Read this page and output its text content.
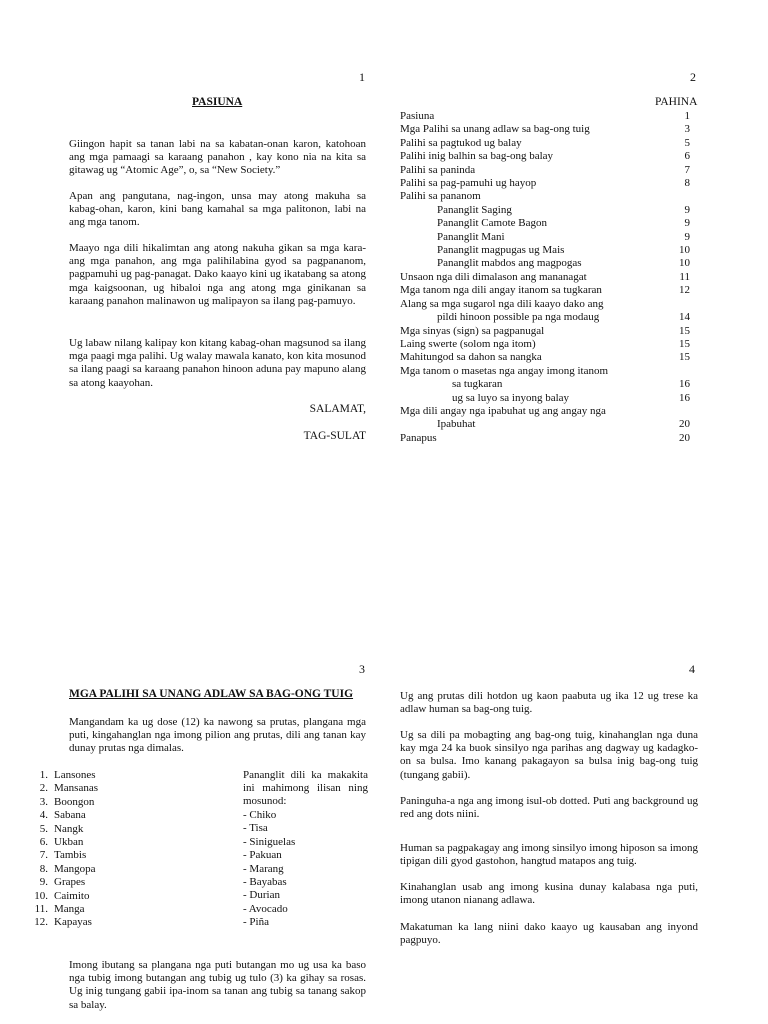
1
PASIUNA

Giingon hapit sa tanan labi na sa kabatan-onan karon, katohoan ang mga pamaagi sa karaang panahon , kay kono nia na kita sa gitawag ug “Atomic Age”, o, sa “New Society.”

Apan ang pangutana, nag-ingon, unsa may atong makuha sa kabag-ohan, karon, kini bang kamahal sa mga palitonon, labi na ang mga tanom.

Maayo nga dili hikalimtan ang atong nakuha gikan sa mga kara-ang mga panahon, ang mga palihilabina gyod sa pagpananom, pagpamuhi ug pag-panagat. Dako kaayo kini ug ikatabang sa atong mga kaigsoonan, ug hibaloi nga ang atong mga ginikanan sa karaang panahon malinawon ug malipayon sa ilang pag-pamuyo.

Ug labaw nilang kalipay kon kitang kabag-ohan magsunod sa ilang mga paagi mga palihi. Ug walay mawala kanato, kon kita mosunod sa ilang paagi sa karaang panahon hinoon aduna pay mapuno alang sa atong kaayohan.

SALAMAT,
TAG-SULAT
2
PAHINA
Pasiuna	1
Mga Palihi sa unang adlaw sa bag-ong tuig	3
Palihi sa pagtukod ug balay	5
Palihi inig balhin sa bag-ong balay	6
Palihi sa paninda	7
Palihi sa pag-pamuhi ug hayop	8
Palihi sa pananom
Pananglit Saging	9
Pananglit Camote Bagon	9
Pananglit Mani	9
Pananglit magpugas ug Mais	10
Pananglit mabdos ang magpogas	10
Unsaon nga dili dimalason ang mananagat	11
Mga tanom nga dili angay itanom sa tugkaran	12
Alang sa mga sugarol nga dili kaayo dako ang
pildi hinoon possible pa nga modaug	14
Mga sinyas (sign) sa pagpanugal	15
Laing swerte (solom nga itom)	15
Mahitungod sa dahon sa nangka	15
Mga tanom o masetas nga angay imong itanom
sa tugkaran	16
ug sa luyo sa inyong balay	16
Mga dili angay nga ipabuhat ug ang angay nga
Ipabuhat	20
Panapus	20
3
MGA PALIHI SA UNANG ADLAW SA BAG-ONG TUIG

Mangandam ka ug dose (12) ka nawong sa prutas, plangana mga puti, kingahanglan nga imong pilion ang prutas, dili ang tanan kay dunay prutas nga dimalas.

1. Lansones
2. Mansanas
3. Boongon
4. Sabana
5. Nangk
6. Ukban
7. Tambis
8. Mangopa
9. Grapes
10. Caimito
11. Manga
12. Kapayas

Pananglit dili ka makakita ini mahimong ilisan ning mosunod:

- Chiko
- Tisa
- Siniguelas
- Pakuan
- Marang
- Bayabas
- Durian
- Avocado
- Piña

Imong ibutang sa plangana nga puti butangan mo ug usa ka baso nga tubig imong butangan ang tubig ug tulo (3) ka gihay sa rosas. Ug inig tungang gabii ipa-inom sa tanan ang tubig sa tanang sakop sa balay.

4

Ug ang prutas dili hotdon ug kaon paabuta ug ika 12 ug trese ka adlaw human sa bag-ong tuig.

Ug sa dili pa mobagting ang bag-ong tuig, kinahanglan nga duna kay mga 24 ka buok sinsilyo nga parihas ang dagway ug kadagko-on sa bulsa. Imo kanang pakagayon sa bulsa inig bag-ong tuig (tungang gabii).

Paninguha-a nga ang imong isul-ob dotted. Puti ang background ug red ang dots niini.

Human sa pagpakagay ang imong sinsilyo imong hiposon sa imong tipigan dili gyod gastohon, hangtud matapos ang tuig.

Kinahanglan usab ang imong kusina dunay kalabasa nga puti, imong utanon nianang adlawa.

Makatuman ka lang niini dako kaayo ug kausaban ang inyond pagpuyo.
